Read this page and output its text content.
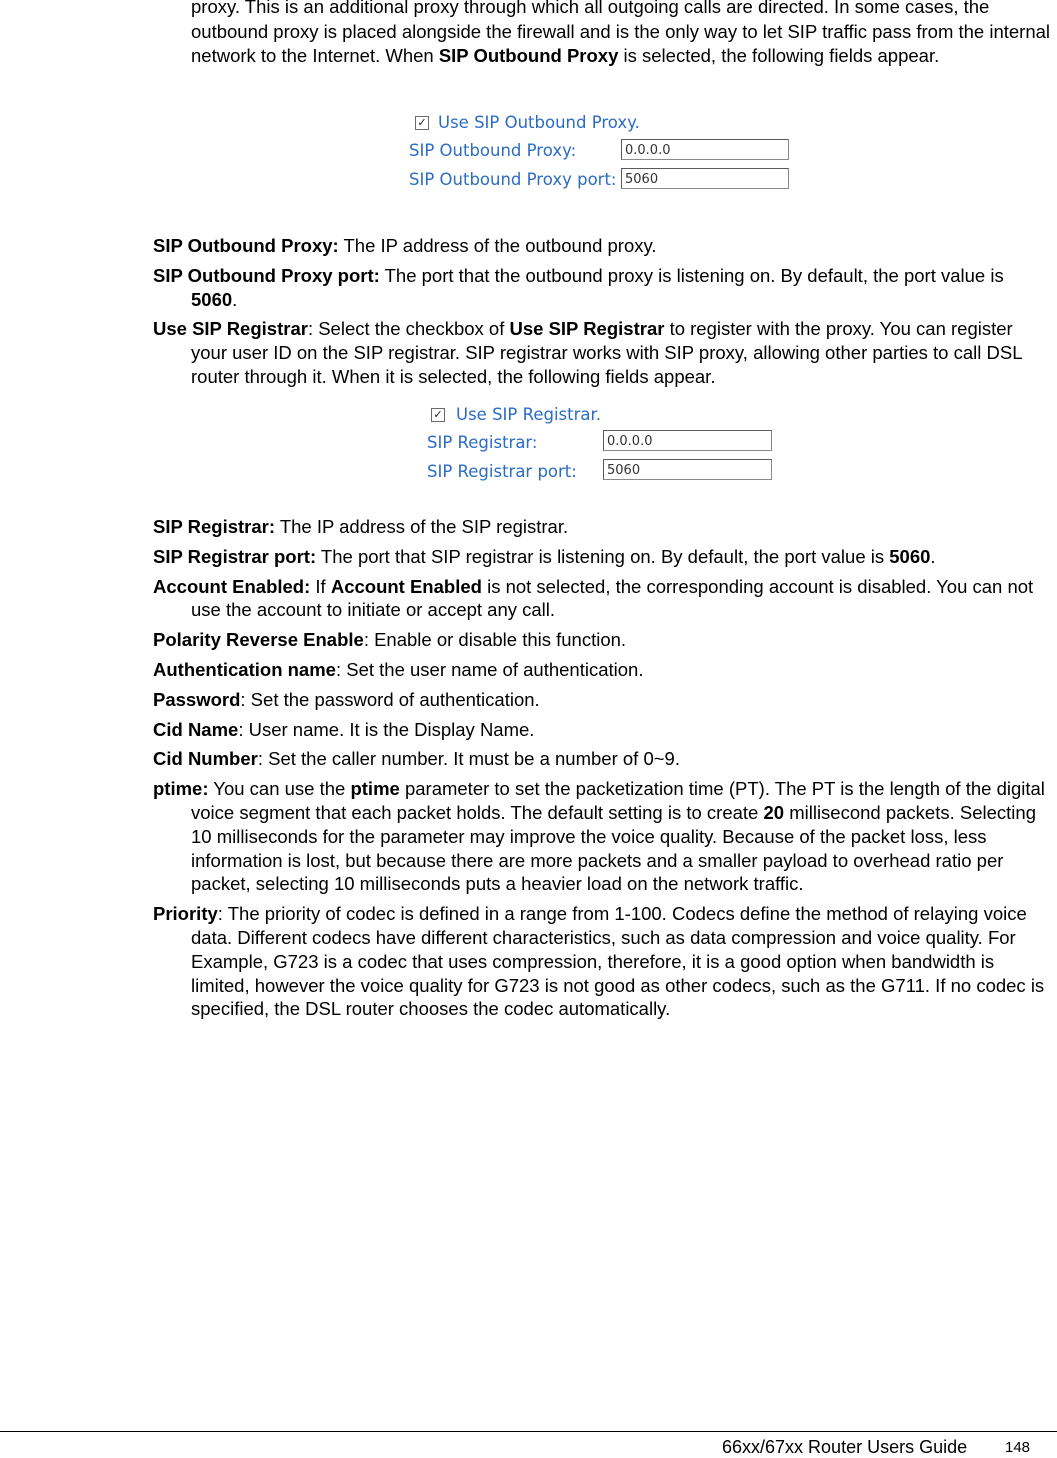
proxy. This is an additional proxy through which all outgoing calls are directed. In some cases, the outbound proxy is placed alongside the firewall and is the only way to let SIP traffic pass from the internal network to the Internet. When SIP Outbound Proxy is selected, the following fields appear.

✓ Use SIP Outbound Proxy.
SIP Outbound Proxy:	0.0.0.0
SIP Outbound Proxy port: 5060

SIP Outbound Proxy: The IP address of the outbound proxy.

SIP Outbound Proxy port: The port that the outbound proxy is listening on. By default, the port value is 5060.

Use SIP Registrar: Select the checkbox of Use SIP Registrar to register with the proxy. You can register your user ID on the SIP registrar. SIP registrar works with SIP proxy, allowing other parties to call DSL router through it. When it is selected, the following fields appear.

✓ Use SIP Registrar.
SIP Registrar:	0.0.0.0
SIP Registrar port:	5060

SIP Registrar: The IP address of the SIP registrar.

SIP Registrar port: The port that SIP registrar is listening on. By default, the port value is 5060.

Account Enabled: If Account Enabled is not selected, the corresponding account is disabled. You can not use the account to initiate or accept any call.

Polarity Reverse Enable: Enable or disable this function.

Authentication name: Set the user name of authentication.

Password: Set the password of authentication.

Cid Name: User name. It is the Display Name.

Cid Number: Set the caller number. It must be a number of 0~9.

ptime: You can use the ptime parameter to set the packetization time (PT). The PT is the length of the digital voice segment that each packet holds. The default setting is to create 20 millisecond packets. Selecting 10 milliseconds for the parameter may improve the voice quality. Because of the packet loss, less information is lost, but because there are more packets and a smaller payload to overhead ratio per packet, selecting 10 milliseconds puts a heavier load on the network traffic.

Priority: The priority of codec is defined in a range from 1-100. Codecs define the method of relaying voice data. Different codecs have different characteristics, such as data compression and voice quality. For Example, G723 is a codec that uses compression, therefore, it is a good option when bandwidth is limited, however the voice quality for G723 is not good as other codecs, such as the G711. If no codec is specified, the DSL router chooses the codec automatically.

66xx/67xx Router Users Guide	148
